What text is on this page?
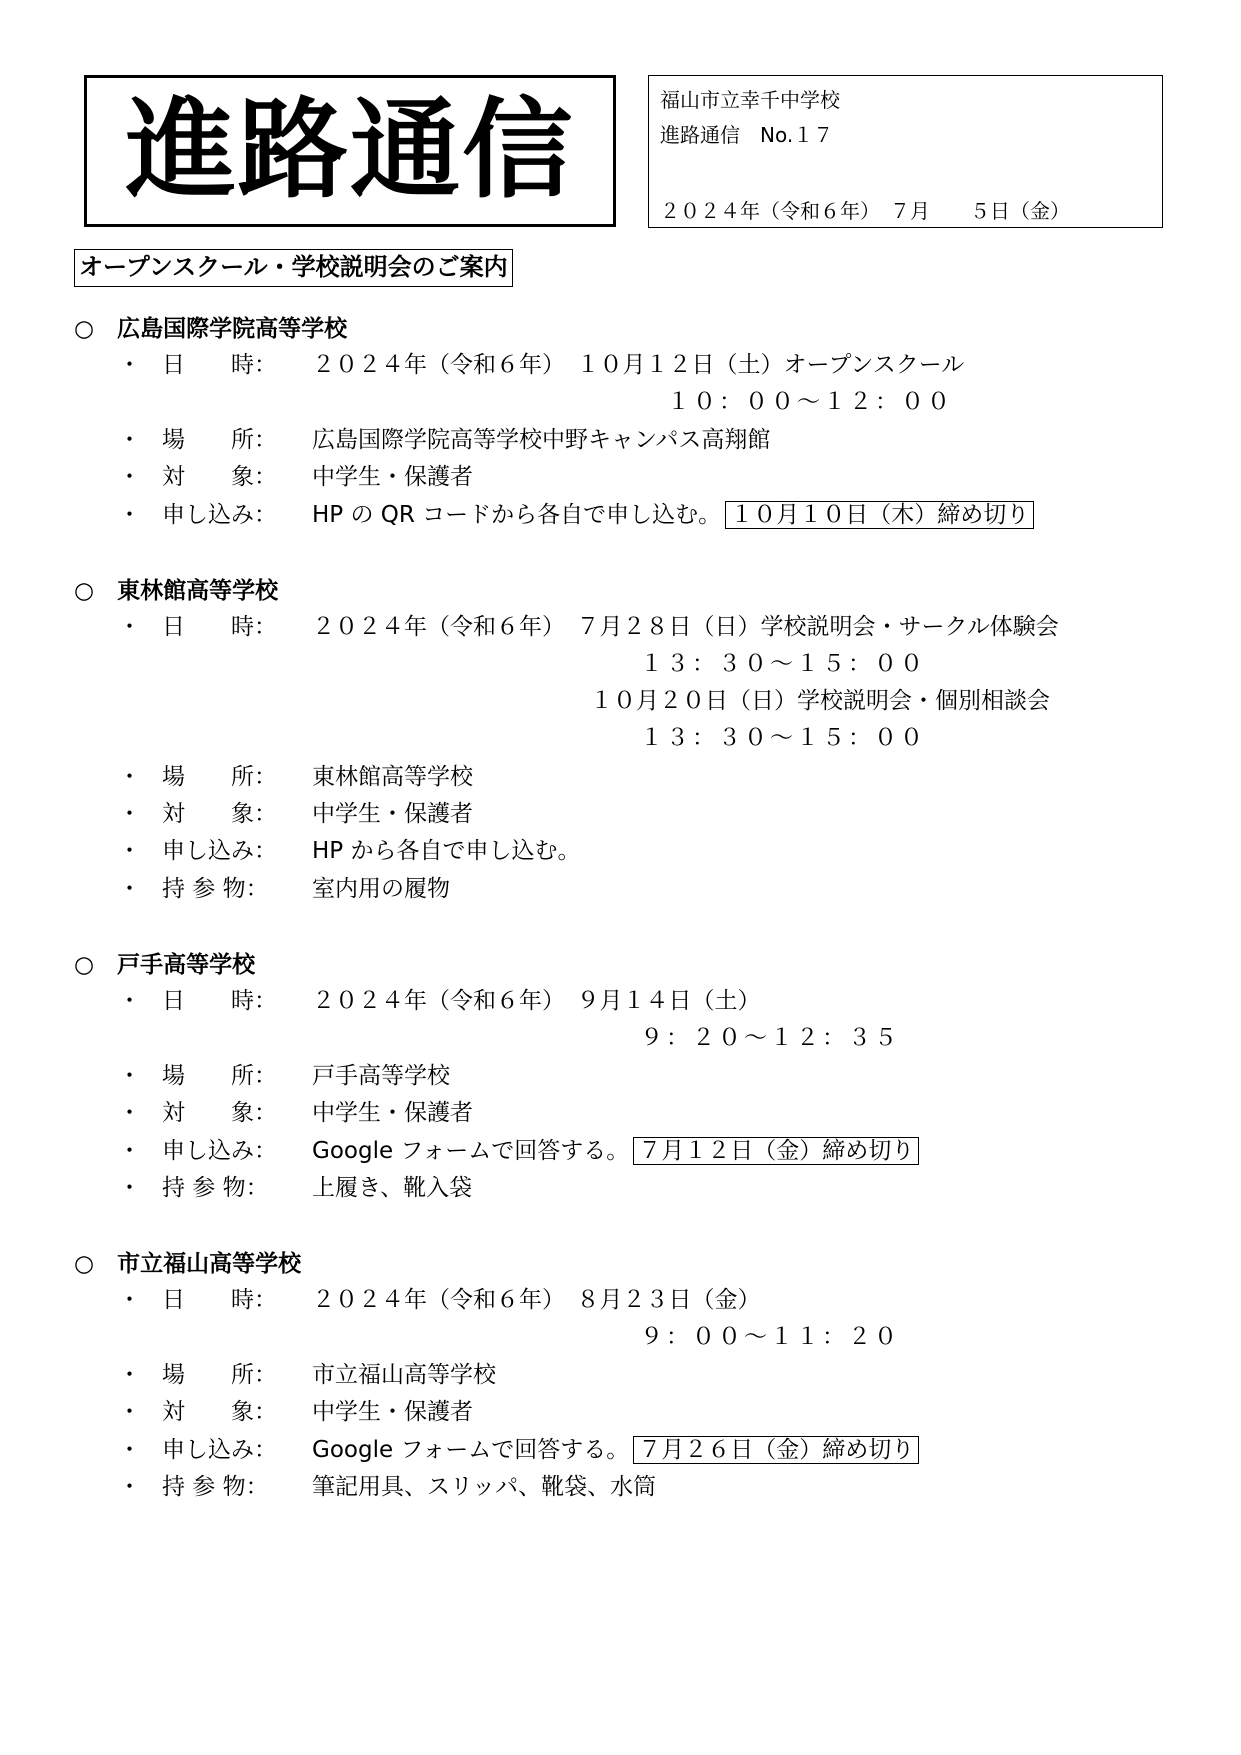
進路通信	福山市立幸千中学校
進路通信　No.１７
２０２４年（令和６年）　７月　　５日（金）
オープンスクール・学校説明会のご案内
○　広島国際学院高等学校
・ 日　　時： ２０２４年（令和６年）　１０月１２日（土）オープンスクール
１０：００～１２：００
・ 場　　所： 広島国際学院高等学校中野キャンパス高翔館
・ 対　　象： 中学生・保護者
・ 申し込み： HP の QR コードから各自で申し込む。 １０月１０日（木）締め切り
○　東林館高等学校
・ 日　　時： ２０２４年（令和６年）　７月２８日（日）学校説明会・サークル体験会
１３：３０～１５：００
１０月２０日（日）学校説明会・個別相談会
１３：３０～１５：００
・ 場　　所： 東林館高等学校
・ 対　　象： 中学生・保護者
・ 申し込み： HP から各自で申し込む。
・ 持 参 物： 室内用の履物
○　戸手高等学校
・ 日　　時： ２０２４年（令和６年）　９月１４日（土）
９：２０～１２：３５
・ 場　　所： 戸手高等学校
・ 対　　象： 中学生・保護者
・ 申し込み： Google フォームで回答する。 ７月１２日（金）締め切り
・ 持 参 物： 上履き、靴入袋
○　市立福山高等学校
・ 日　　時： ２０２４年（令和６年）　８月２３日（金）
９：００～１１：２０
・ 場　　所： 市立福山高等学校
・ 対　　象： 中学生・保護者
・ 申し込み： Google フォームで回答する。 ７月２６日（金）締め切り
・ 持 参 物： 筆記用具、スリッパ、靴袋、水筒
